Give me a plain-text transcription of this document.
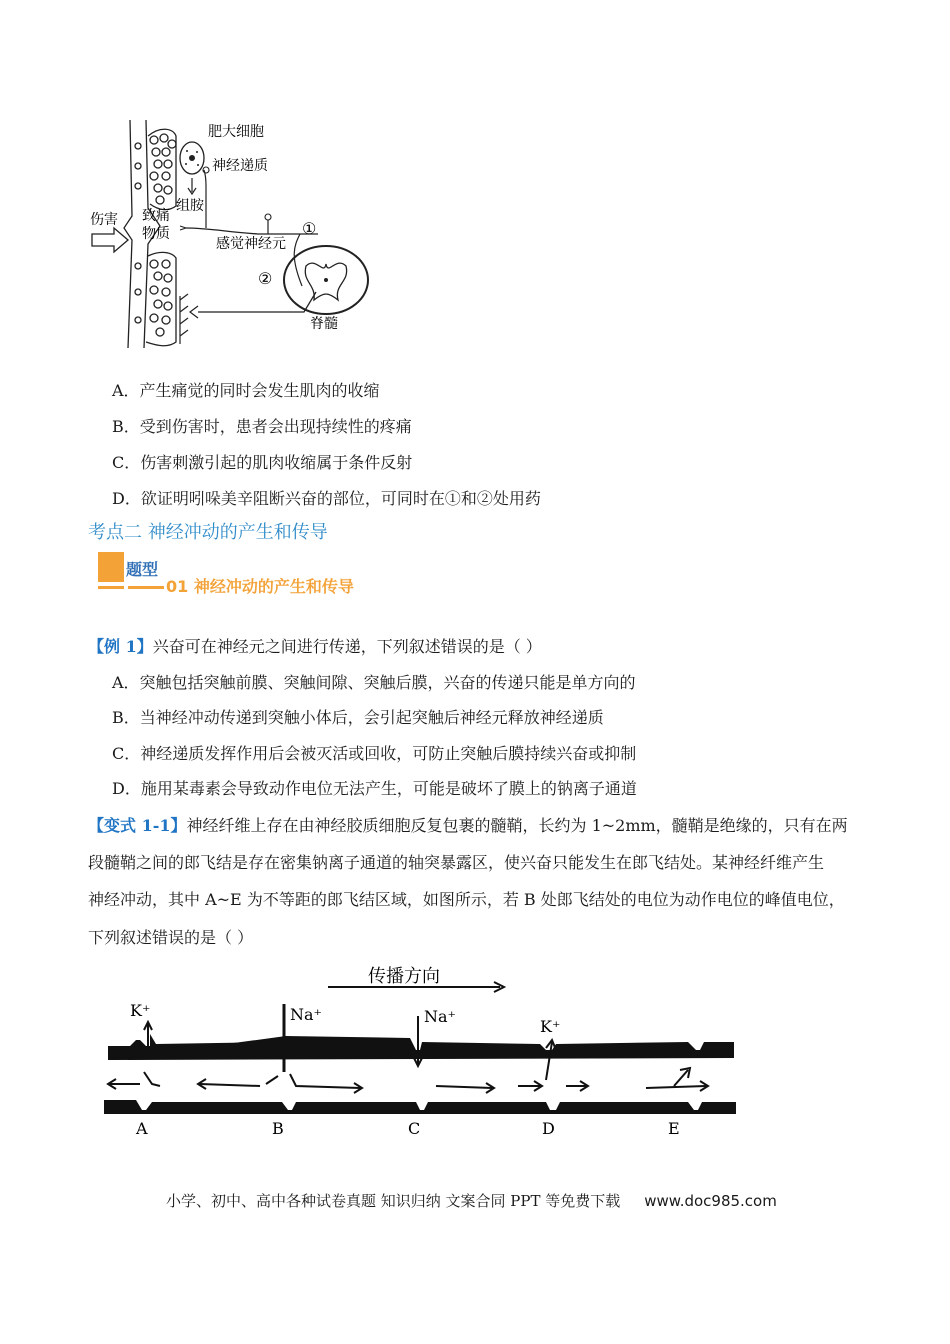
肥大细胞
组胺
神经递质
伤害 致痛
物质
感觉神经元
①
②
脊髓
A．产生痛觉的同时会发生肌肉的收缩
B．受到伤害时，患者会出现持续性的疼痛
C．伤害刺激引起的肌肉收缩属于条件反射
D．欲证明吲哚美辛阻断兴奋的部位，可同时在①和②处用药
考点二 神经冲动的产生和传导
题型
01 神经冲动的产生和传导
【例 1】兴奋可在神经元之间进行传递，下列叙述错误的是（ ）
A．突触包括突触前膜、突触间隙、突触后膜，兴奋的传递只能是单方向的
B．当神经冲动传递到突触小体后，会引起突触后神经元释放神经递质
C．神经递质发挥作用后会被灭活或回收，可防止突触后膜持续兴奋或抑制
D．施用某毒素会导致动作电位无法产生，可能是破坏了膜上的钠离子通道
【变式 1-1】神经纤维上存在由神经胶质细胞反复包裹的髓鞘，长约为 1~2mm，髓鞘是绝缘的，只有在两
段髓鞘之间的郎飞结是存在密集钠离子通道的轴突暴露区，使兴奋只能发生在郎飞结处。某神经纤维产生
神经冲动，其中 A~E 为不等距的郎飞结区域，如图所示，若 B 处郎飞结处的电位为动作电位的峰值电位，
下列叙述错误的是（ ）
传播方向
K⁺	Na⁺	Na⁺
K⁺
A	B	C	D	E
小学、初中、高中各种试卷真题 知识归纳 文案合同 PPT 等免费下载 www.doc985.com
